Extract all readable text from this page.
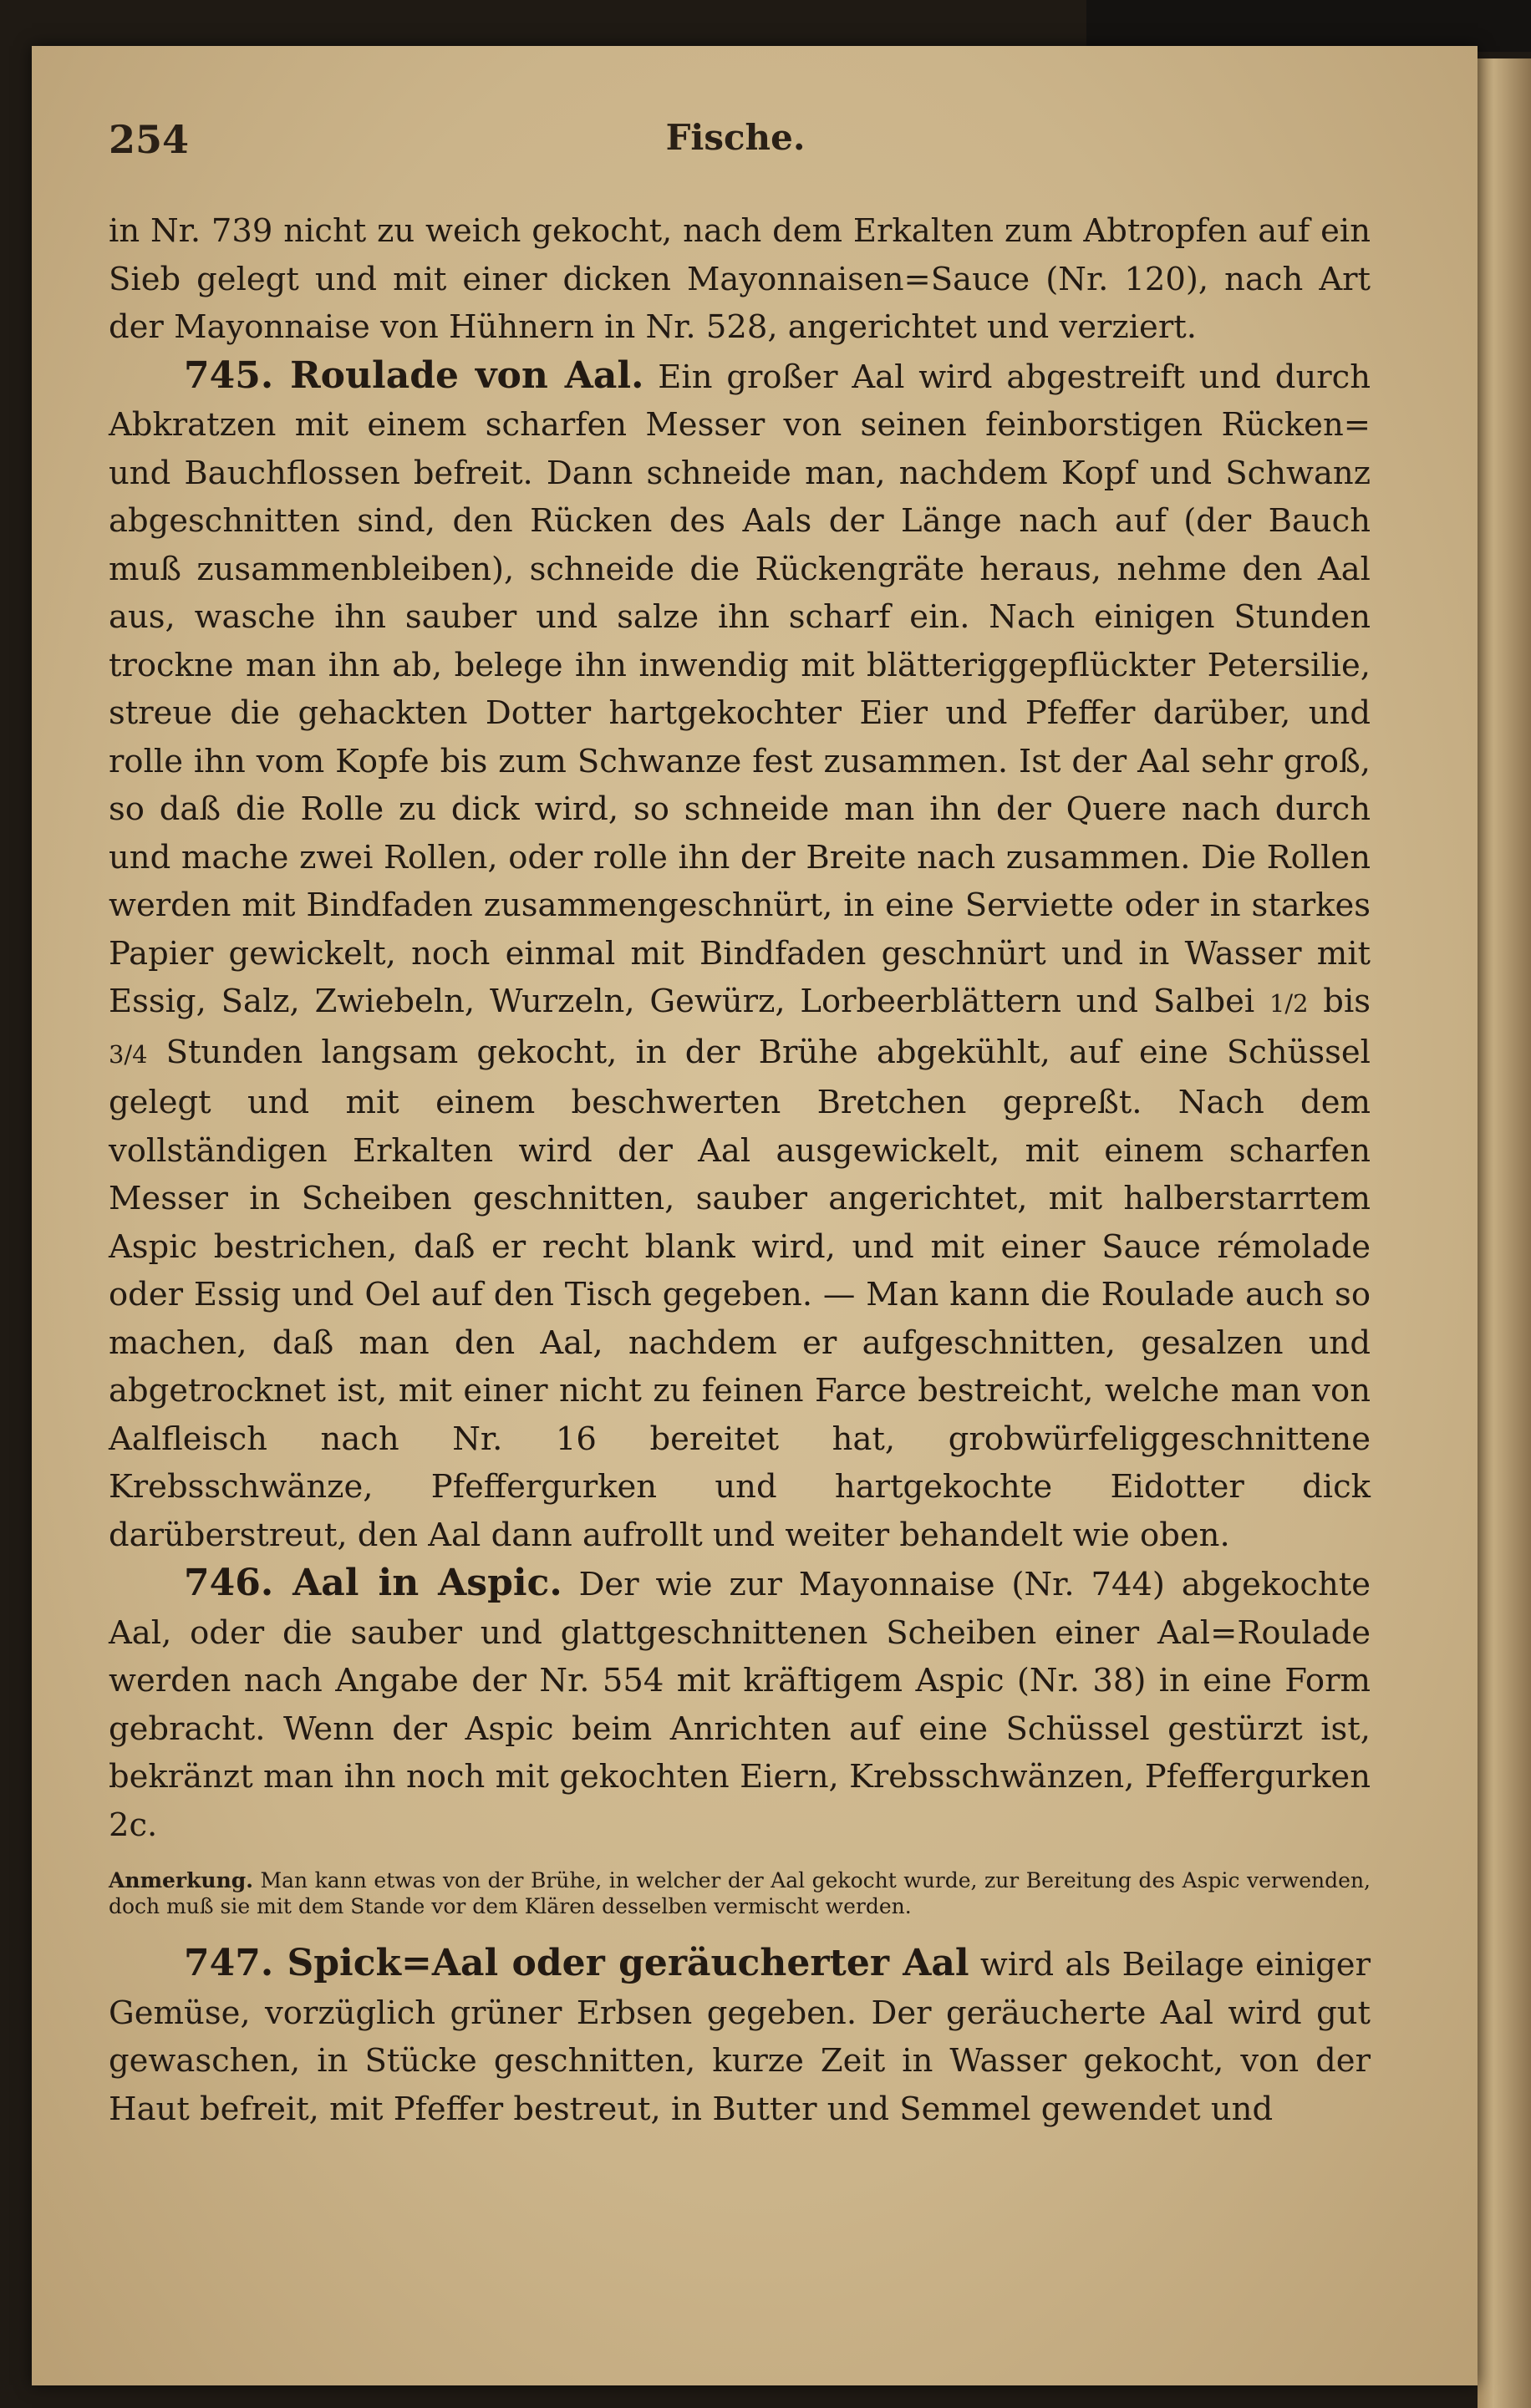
254	Fische.

in Nr. 739 nicht zu weich gekocht, nach dem Erkalten zum Abtropfen auf ein Sieb gelegt und mit einer dicken Mayonnaisen=Sauce (Nr. 120), nach Art der Mayonnaise von Hühnern in Nr. 528, angerichtet und verziert.

745. Roulade von Aal. Ein großer Aal wird abgestreift und durch Abkratzen mit einem scharfen Messer von seinen feinborstigen Rücken= und Bauchflossen befreit. Dann schneide man, nachdem Kopf und Schwanz abgeschnitten sind, den Rücken des Aals der Länge nach auf (der Bauch muß zusammenbleiben), schneide die Rückengräte heraus, nehme den Aal aus, wasche ihn sauber und salze ihn scharf ein. Nach einigen Stunden trockne man ihn ab, belege ihn inwendig mit blätteriggepflückter Petersilie, streue die gehackten Dotter hartgekochter Eier und Pfeffer darüber, und rolle ihn vom Kopfe bis zum Schwanze fest zusammen. Ist der Aal sehr groß, so daß die Rolle zu dick wird, so schneide man ihn der Quere nach durch und mache zwei Rollen, oder rolle ihn der Breite nach zusammen. Die Rollen werden mit Bindfaden zusammengeschnürt, in eine Serviette oder in starkes Papier gewickelt, noch einmal mit Bindfaden geschnürt und in Wasser mit Essig, Salz, Zwiebeln, Wurzeln, Gewürz, Lorbeerblättern und Salbei 1/2 bis 3/4 Stunden langsam gekocht, in der Brühe abgekühlt, auf eine Schüssel gelegt und mit einem beschwerten Bretchen gepreßt. Nach dem vollständigen Erkalten wird der Aal ausgewickelt, mit einem scharfen Messer in Scheiben geschnitten, sauber angerichtet, mit halberstarrtem Aspic bestrichen, daß er recht blank wird, und mit einer Sauce rémolade oder Essig und Oel auf den Tisch gegeben. — Man kann die Roulade auch so machen, daß man den Aal, nachdem er aufgeschnitten, gesalzen und abgetrocknet ist, mit einer nicht zu feinen Farce bestreicht, welche man von Aalfleisch nach Nr. 16 bereitet hat, grobwürfeliggeschnittene Krebsschwänze, Pfeffergurken und hartgekochte Eidotter dick darüberstreut, den Aal dann aufrollt und weiter behandelt wie oben.

746. Aal in Aspic. Der wie zur Mayonnaise (Nr. 744) abgekochte Aal, oder die sauber und glattgeschnittenen Scheiben einer Aal=Roulade werden nach Angabe der Nr. 554 mit kräftigem Aspic (Nr. 38) in eine Form gebracht. Wenn der Aspic beim Anrichten auf eine Schüssel gestürzt ist, bekränzt man ihn noch mit gekochten Eiern, Krebsschwänzen, Pfeffergurken 2c.

Anmerkung. Man kann etwas von der Brühe, in welcher der Aal gekocht wurde, zur Bereitung des Aspic verwenden, doch muß sie mit dem Stande vor dem Klären desselben vermischt werden.

747. Spick=Aal oder geräucherter Aal wird als Beilage einiger Gemüse, vorzüglich grüner Erbsen gegeben. Der geräucherte Aal wird gut gewaschen, in Stücke geschnitten, kurze Zeit in Wasser gekocht, von der Haut befreit, mit Pfeffer bestreut, in Butter und Semmel gewendet und
